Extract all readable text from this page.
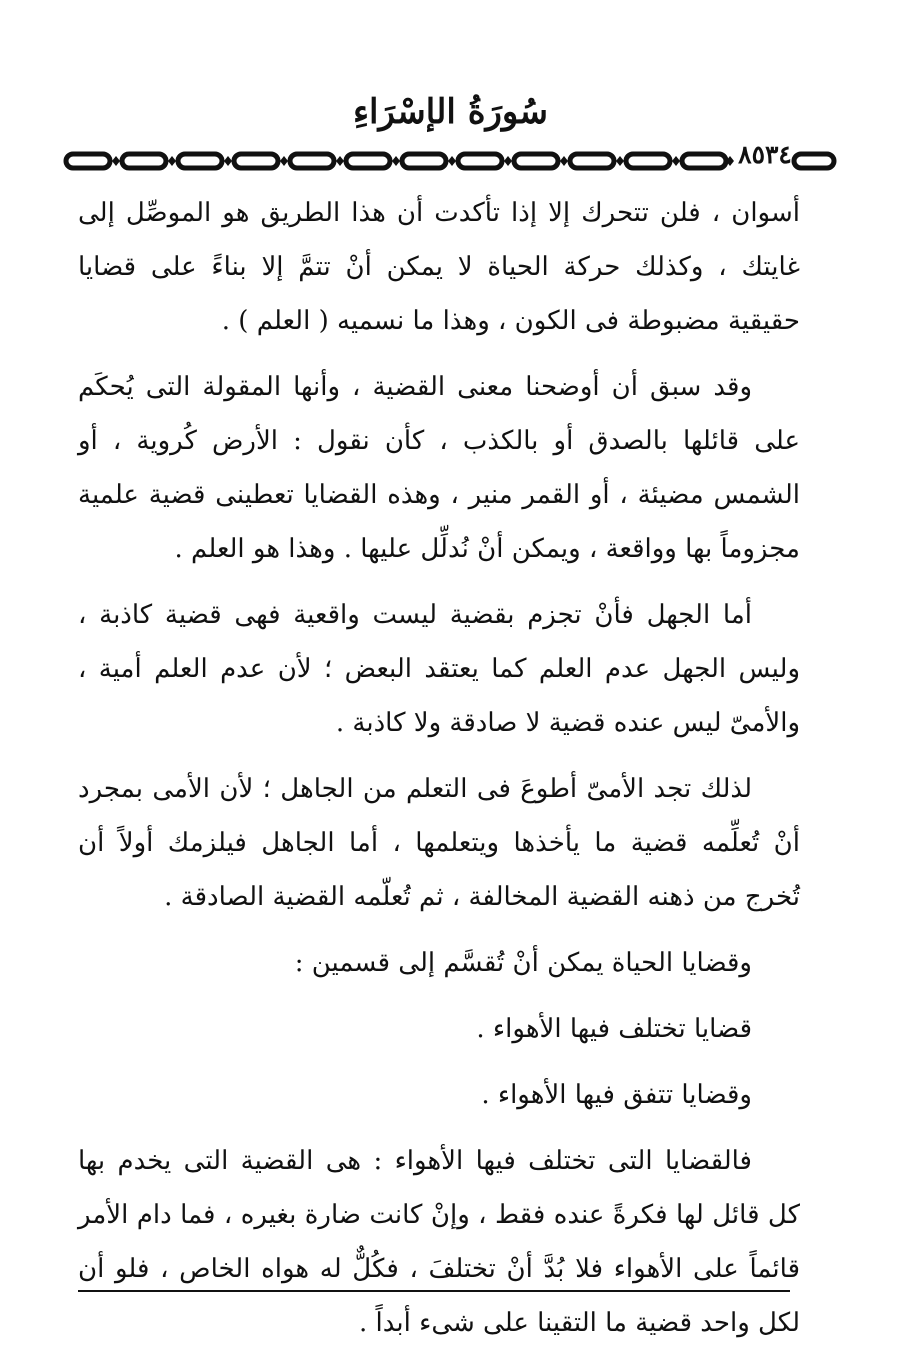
سُورَةُ الإسْرَاءِ
٨٥٣٤
أسوان ، فلن تتحرك إلا إذا تأكدت أن هذا الطريق هو الموصِّل إلى
غايتك ، وكذلك حركة الحياة لا يمكن أنْ تتمَّ إلا بناءً على قضايا
حقيقية مضبوطة فى الكون ، وهذا ما نسميه ( العلم ) .
وقد سبق أن أوضحنا معنى القضية ، وأنها المقولة التى يُحكَم
على قائلها بالصدق أو بالكذب ، كأن نقول : الأرض كُروية ، أو
الشمس مضيئة ، أو القمر منير ، وهذه القضايا تعطينى قضية علمية
مجزوماً بها وواقعة ، ويمكن أنْ نُدلِّل عليها . وهذا هو العلم .
أما الجهل فأنْ تجزم بقضية ليست واقعية فهى قضية كاذبة ،
وليس الجهل عدم العلم كما يعتقد البعض ؛ لأن عدم العلم أمية ،
والأمىّ ليس عنده قضية لا صادقة ولا كاذبة .
لذلك تجد الأمىّ أطوعَ فى التعلم من الجاهل ؛ لأن الأمى بمجرد
أنْ تُعلِّمه قضية ما يأخذها ويتعلمها ، أما الجاهل فيلزمك أولاً أن
تُخرج من ذهنه القضية المخالفة ، ثم تُعلّمه القضية الصادقة .
وقضايا الحياة يمكن أنْ تُقسَّم إلى قسمين :
قضايا تختلف فيها الأهواء .
وقضايا تتفق فيها الأهواء .
فالقضايا التى تختلف فيها الأهواء : هى القضية التى يخدم بها
كل قائل لها فكرةً عنده فقط ، وإنْ كانت ضارة بغيره ، فما دام الأمر
قائماً على الأهواء فلا بُدَّ أنْ تختلفَ ، فكُلٌّ له هواه الخاص ، فلو أن
لكل واحد قضية ما التقينا على شىء أبداً .
